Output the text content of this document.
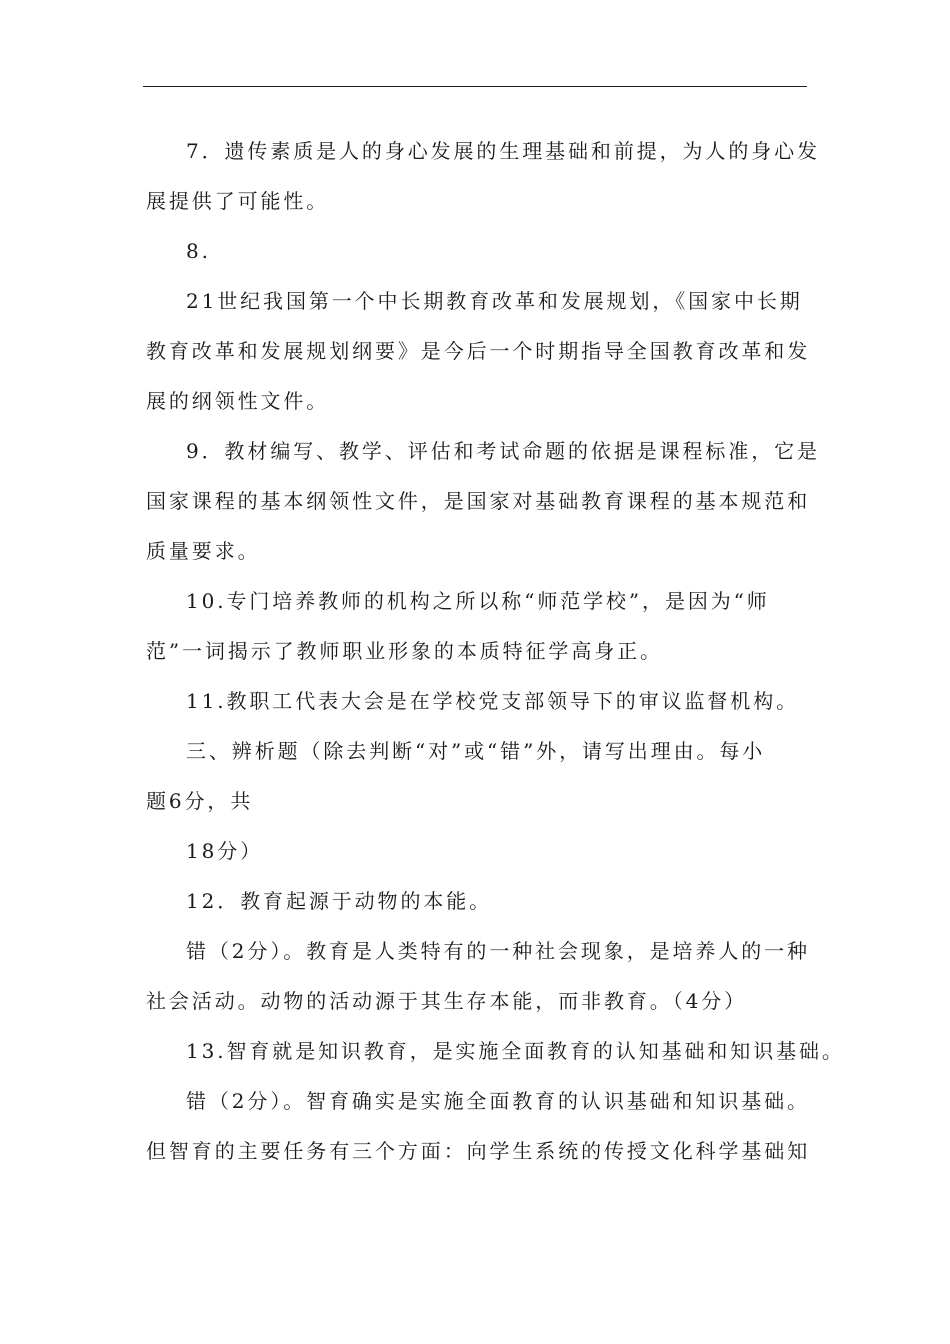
7．遗传素质是人的身心发展的生理基础和前提，为人的身心发
展提供了可能性。
8.
21世纪我国第一个中长期教育改革和发展规划，《国家中长期
教育改革和发展规划纲要》是今后一个时期指导全国教育改革和发
展的纲领性文件。
9．教材编写、教学、评估和考试命题的依据是课程标准，它是
国家课程的基本纲领性文件，是国家对基础教育课程的基本规范和
质量要求。
10.专门培养教师的机构之所以称“师范学校”，是因为“师
范”一词揭示了教师职业形象的本质特征学高身正。
11.教职工代表大会是在学校党支部领导下的审议监督机构。
三、辨析题（除去判断“对”或“错”外，请写出理由。每小
题6分，共
18分）
12．教育起源于动物的本能。
错（2分）。教育是人类特有的一种社会现象，是培养人的一种
社会活动。动物的活动源于其生存本能，而非教育。（4分）
13.智育就是知识教育，是实施全面教育的认知基础和知识基础。
错（2分）。智育确实是实施全面教育的认识基础和知识基础。
但智育的主要任务有三个方面：向学生系统的传授文化科学基础知
